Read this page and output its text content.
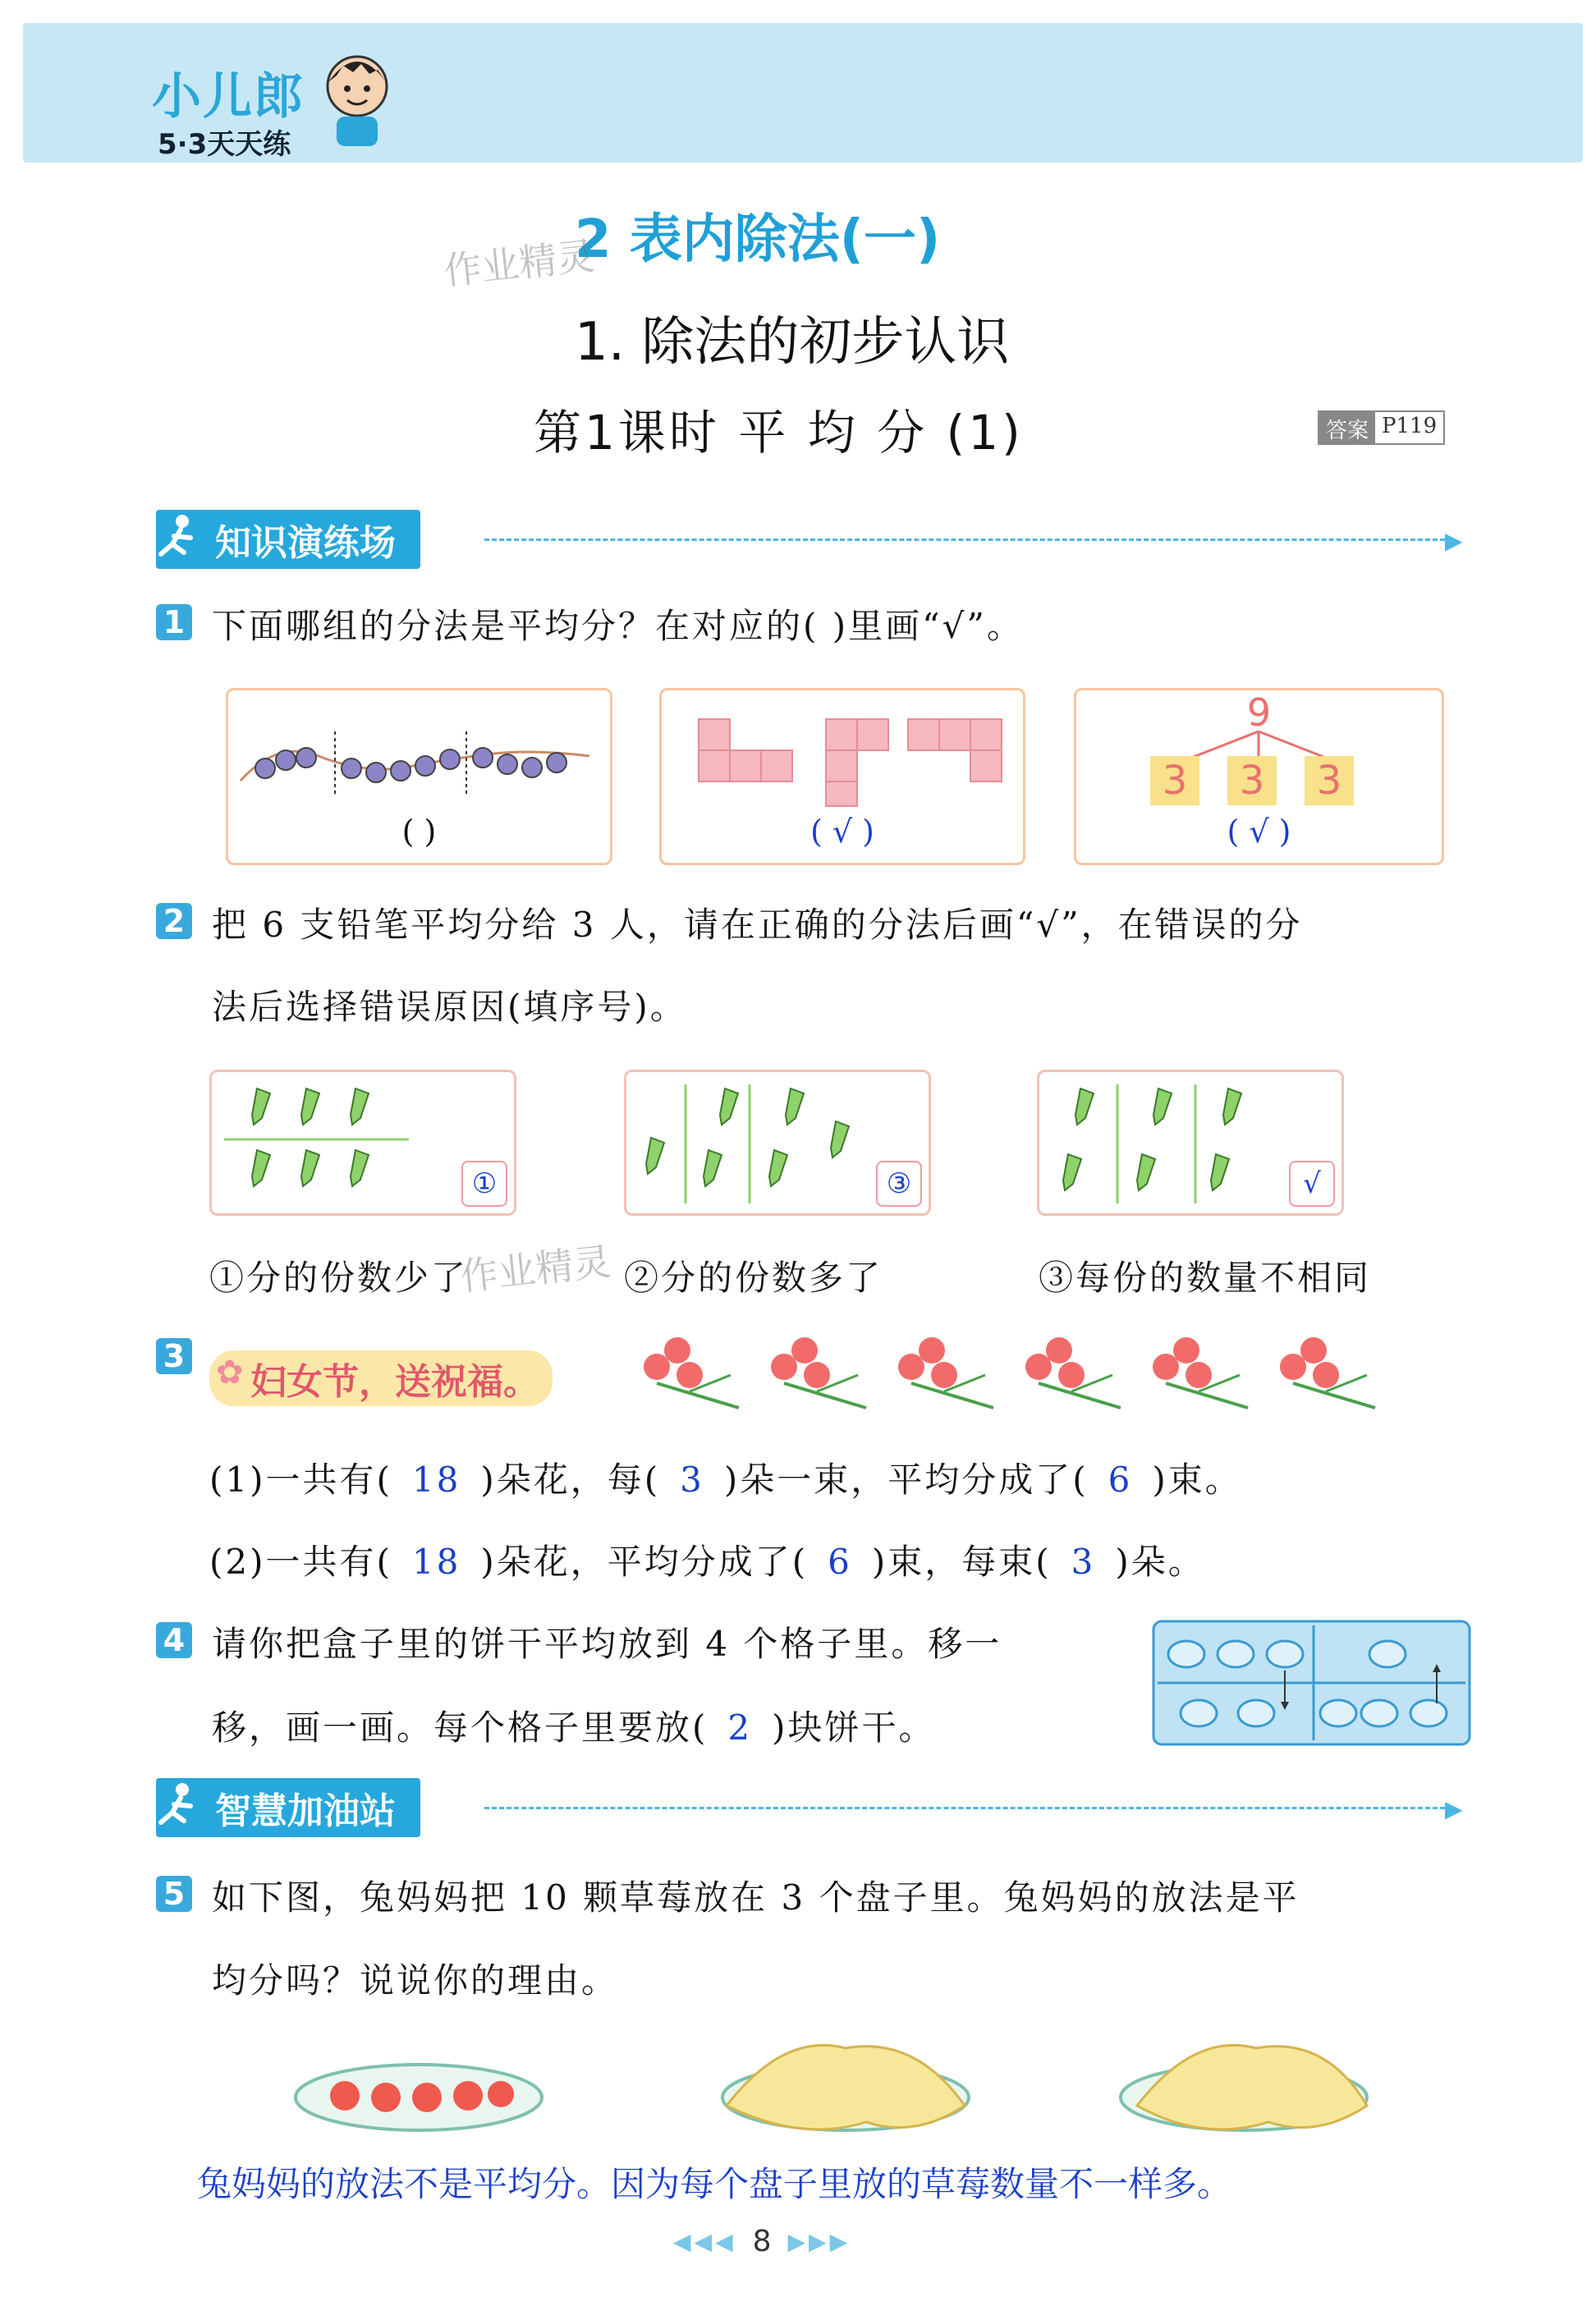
小儿郎
5·3天天练
2 表内除法(一)
作业精灵
1. 除法的初步认识
第1课时 平 均 分 (1)	答案 P119
知识演练场	▶
1 下面哪组的分法是平均分？在对应的( )里画“√”。
( )	( √ )
9
3	3	3
( √ )
2 把 6 支铅笔平均分给 3 人，请在正确的分法后画“√”，在错误的分
法后选择错误原因(填序号)。
①	③	√
①分的份数少了
作业精灵 ②分的份数多了	③每份的数量不相同
3 ✿ 妇女节，送祝福。
(1)一共有( 18 )朵花，每( 3 )朵一束，平均分成了( 6 )束。
(2)一共有( 18 )朵花，平均分成了( 6 )束，每束( 3 )朵。
4 请你把盒子里的饼干平均放到 4 个格子里。移一
移，画一画。每个格子里要放( 2 )块饼干。
智慧加油站	▶
5 如下图，兔妈妈把 10 颗草莓放在 3 个盘子里。兔妈妈的放法是平
均分吗？说说你的理由。
兔妈妈的放法不是平均分。因为每个盘子里放的草莓数量不一样多。
◀◀◀ 8 ▶▶▶
